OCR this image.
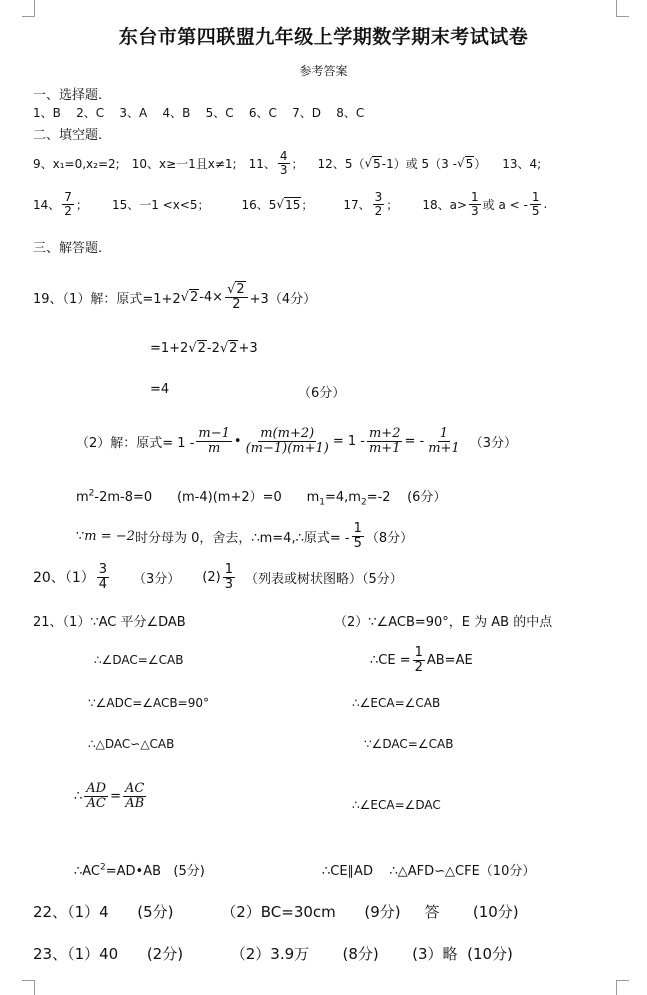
东台市第四联盟九年级上学期数学期末考试试卷
参考答案
一、选择题.
1、B    2、C    3、A    4、B    5、C    6、C    7、D    8、C
二、填空题.
9、x₁=0,x₂=2; 10、x≥一1且x≠1; 11、 $\frac{4}{3}$ ； 12、5（ √ 5 -1）或 5（3 - √ 5 ） 13、4;
14、 $\frac{7}{2}$ ； 15、一1 <x<5；	16、5 √ 15 ；	17、 $\frac{3}{2}$ ； 18、$a> \frac{1}{3}$ 或 a < - $\frac{1}{5}$ .
三、解答题.
19、（1）解：原式=1+2 √ 2 $-4\times \frac{√2}{2} +3(4$分）
=1+2 √ 2 -2 √ 2 +3
=4	（6分）
（2）解：原式= $1 - \frac{m-1}{m}$ • $\frac{m(m+2)}{(m-1)(m+1)} = 1 - \frac{m+2}{m+1}$ = - $\frac{1}{m+1} (3$分）
$m^2-2m-8=0$      (m-4)(m+2）=0      $m_1=4,m_2=-2$    (6分）
∵ m = −2 时分母为 0，舍去，∴m=4,∴原式= - $\frac{1}{5} (8$分）
20、$(1) \frac{3}{4} (3$分） $(2) \frac{1}{3}$ （列表或树状图略）（5分）
21、（1）∵AC 平分∠DAB
∴∠DAC=∠CAB
∵∠ADC=∠ACB=90°
∴△DAC∽△CAB
∴ $\frac{AD}{AC} = \frac{AC}{AB}$
$\therefore AC^2=AD•AB$   (5分)
（2）∵∠ACB=90°，E 为 AB 的中点
∴CE = $\frac{1}{2} AB=AE$
∴∠ECA=∠CAB
∵∠DAC=∠CAB
∴∠ECA=∠DAC
∴CE∥AD    ∴△AFD∽△CFE（10分）
22、（1）4      (5分)          （2）BC=30cm      (9分)     答       (10分)
23、（1）40      (2分)          （2）3.9万       (8分)       (3）略  (10分)
